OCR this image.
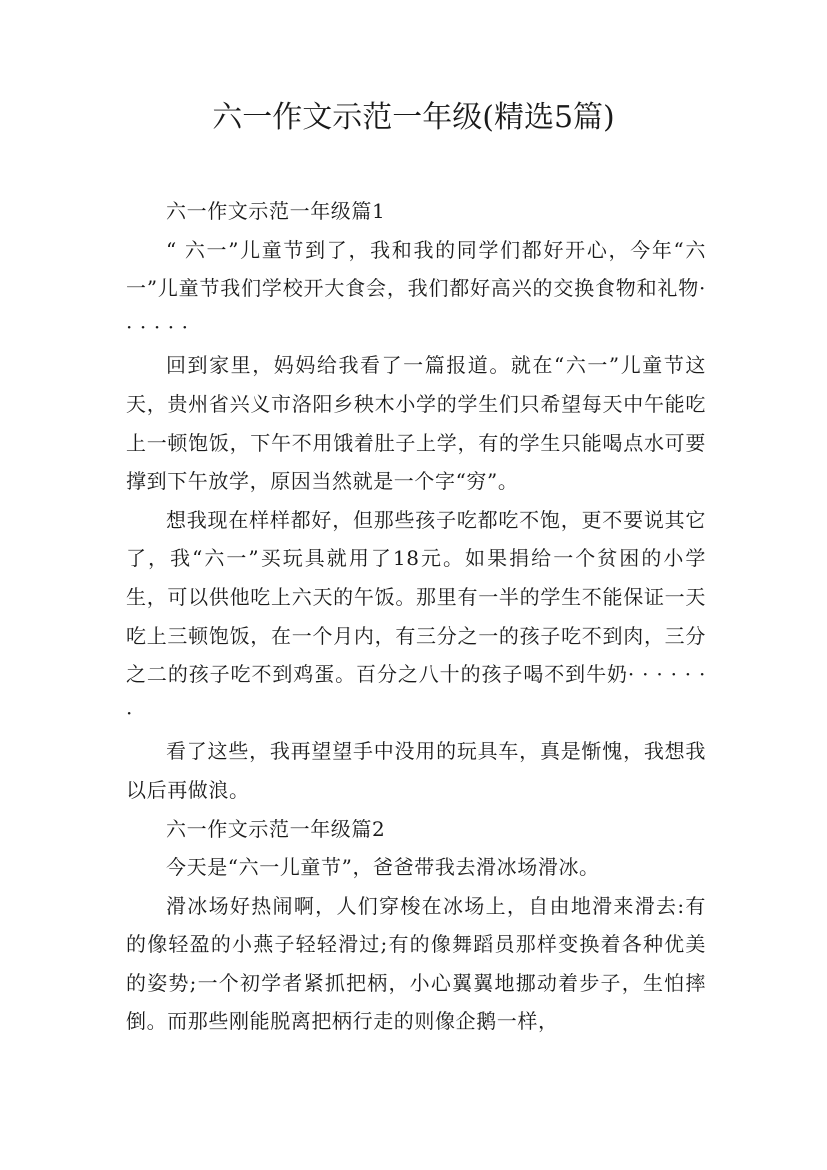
六一作文示范一年级(精选5篇)

六一作文示范一年级篇1

“ 六一”儿童节到了，我和我的同学们都好开心，今年“六一”儿童节我们学校开大食会，我们都好高兴的交换食物和礼物· · · · · ·

回到家里，妈妈给我看了一篇报道。就在“六一”儿童节这天，贵州省兴义市洛阳乡秧木小学的学生们只希望每天中午能吃上一顿饱饭，下午不用饿着肚子上学，有的学生只能喝点水可要撑到下午放学，原因当然就是一个字“穷”。

想我现在样样都好，但那些孩子吃都吃不饱，更不要说其它了，我“六一”买玩具就用了18元。如果捐给一个贫困的小学生，可以供他吃上六天的午饭。那里有一半的学生不能保证一天吃上三顿饱饭，在一个月内，有三分之一的孩子吃不到肉，三分之二的孩子吃不到鸡蛋。百分之八十的孩子喝不到牛奶· · · · · · ·

看了这些，我再望望手中没用的玩具车，真是惭愧，我想我以后再做浪。

六一作文示范一年级篇2

今天是“六一儿童节”，爸爸带我去滑冰场滑冰。

滑冰场好热闹啊，人们穿梭在冰场上，自由地滑来滑去:有的像轻盈的小燕子轻轻滑过;有的像舞蹈员那样变换着各种优美的姿势;一个初学者紧抓把柄，小心翼翼地挪动着步子，生怕摔倒。而那些刚能脱离把柄行走的则像企鹅一样，
